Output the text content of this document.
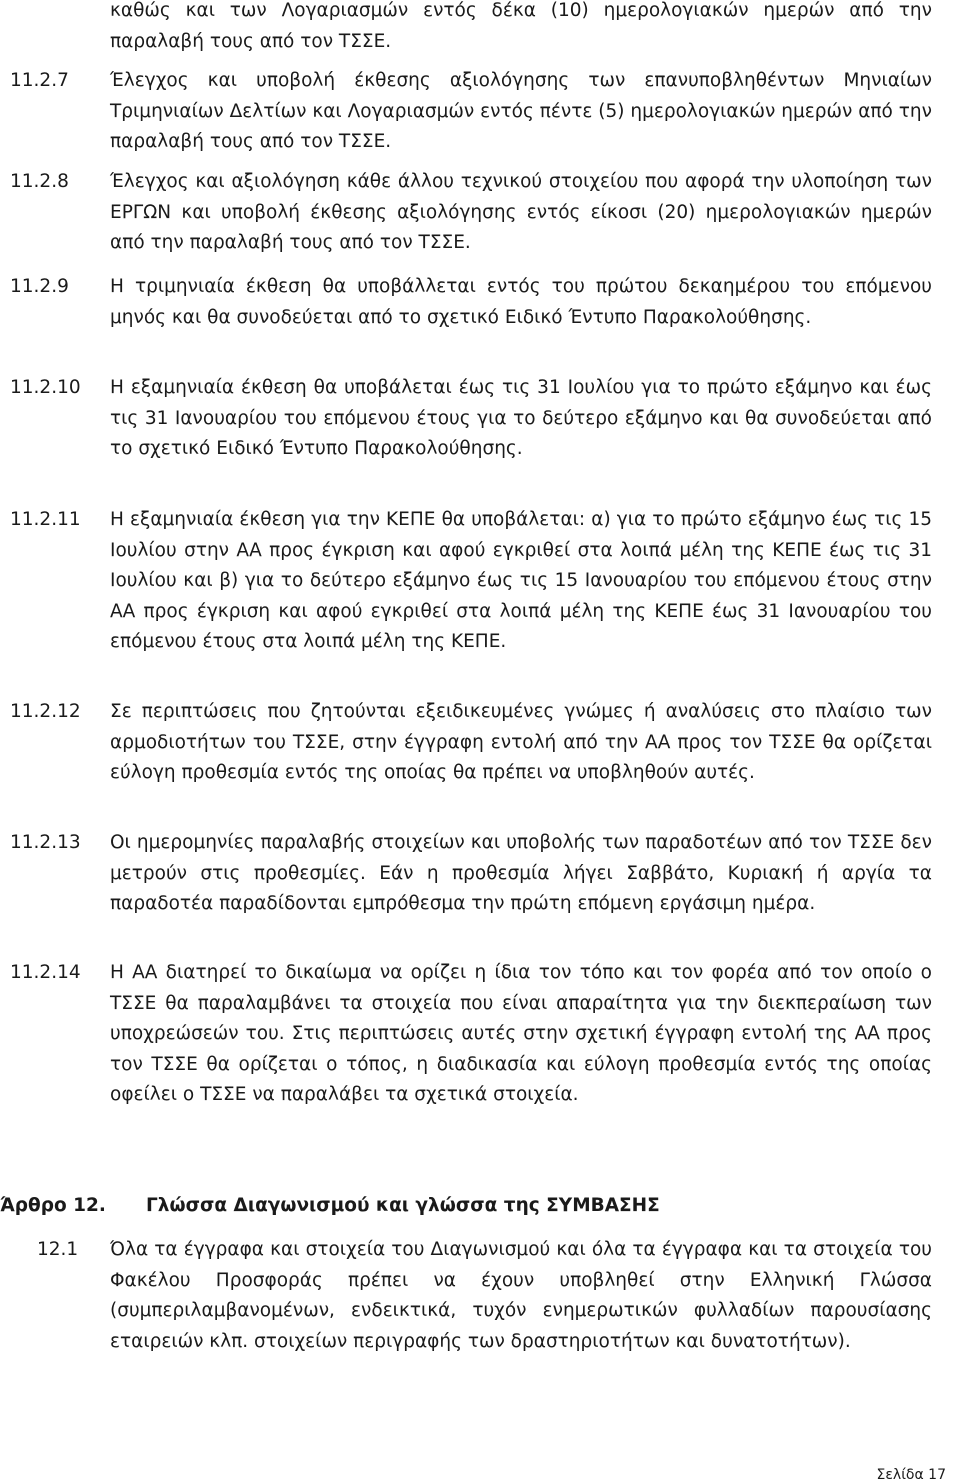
καθώς και των Λογαριασμών εντός δέκα (10) ημερολογιακών ημερών από την παραλαβή τους από τον ΤΣΣΕ.
11.2.7 Έλεγχος και υποβολή έκθεσης αξιολόγησης των επανυποβληθέντων Μηνιαίων Τριμηνιαίων Δελτίων και Λογαριασμών εντός πέντε (5) ημερολογιακών ημερών από την παραλαβή τους από τον ΤΣΣΕ.
11.2.8 Έλεγχος και αξιολόγηση κάθε άλλου τεχνικού στοιχείου που αφορά την υλοποίηση των ΕΡΓΩΝ και υποβολή έκθεσης αξιολόγησης εντός είκοσι (20) ημερολογιακών ημερών από την παραλαβή τους από τον ΤΣΣΕ.
11.2.9 Η τριμηνιαία έκθεση θα υποβάλλεται εντός του πρώτου δεκαημέρου του επόμενου μηνός και θα συνοδεύεται από το σχετικό Ειδικό Έντυπο Παρακολούθησης.
11.2.10 Η εξαμηνιαία έκθεση θα υποβάλεται έως τις 31 Ιουλίου για το πρώτο εξάμηνο και έως τις 31 Ιανουαρίου του επόμενου έτους για το δεύτερο εξάμηνο και θα συνοδεύεται από το σχετικό Ειδικό Έντυπο Παρακολούθησης.
11.2.11 Η εξαμηνιαία έκθεση για την ΚΕΠΕ θα υποβάλεται: α) για το πρώτο εξάμηνο έως τις 15 Ιουλίου στην ΑΑ προς έγκριση και αφού εγκριθεί στα λοιπά μέλη της ΚΕΠΕ έως τις 31 Ιουλίου και β) για το δεύτερο εξάμηνο έως τις 15 Ιανουαρίου του επόμενου έτους στην ΑΑ προς έγκριση και αφού εγκριθεί στα λοιπά μέλη της ΚΕΠΕ έως 31 Ιανουαρίου του επόμενου έτους στα λοιπά μέλη της ΚΕΠΕ.
11.2.12 Σε περιπτώσεις που ζητούνται εξειδικευμένες γνώμες ή αναλύσεις στο πλαίσιο των αρμοδιοτήτων του ΤΣΣΕ, στην έγγραφη εντολή από την ΑΑ προς τον ΤΣΣΕ θα ορίζεται εύλογη προθεσμία εντός της οποίας θα πρέπει να υποβληθούν αυτές.
11.2.13 Οι ημερομηνίες παραλαβής στοιχείων και υποβολής των παραδοτέων από τον ΤΣΣΕ δεν μετρούν στις προθεσμίες. Εάν η προθεσμία λήγει Σαββάτο, Κυριακή ή αργία τα παραδοτέα παραδίδονται εμπρόθεσμα την πρώτη επόμενη εργάσιμη ημέρα.
11.2.14 Η ΑΑ διατηρεί το δικαίωμα να ορίζει η ίδια τον τόπο και τον φορέα από τον οποίο ο ΤΣΣΕ θα παραλαμβάνει τα στοιχεία που είναι απαραίτητα για την διεκπεραίωση των υποχρεώσεών του. Στις περιπτώσεις αυτές στην σχετική έγγραφη εντολή της ΑΑ προς τον ΤΣΣΕ θα ορίζεται ο τόπος, η διαδικασία και εύλογη προθεσμία εντός της οποίας οφείλει ο ΤΣΣΕ να παραλάβει τα σχετικά στοιχεία.
Άρθρο 12. Γλώσσα Διαγωνισμού και γλώσσα της ΣΥΜΒΑΣΗΣ
12.1 Όλα τα έγγραφα και στοιχεία του Διαγωνισμού και όλα τα έγγραφα και τα στοιχεία του Φακέλου Προσφοράς πρέπει να έχουν υποβληθεί στην Ελληνική Γλώσσα (συμπεριλαμβανομένων, ενδεικτικά, τυχόν ενημερωτικών φυλλαδίων παρουσίασης εταιρειών κλπ. στοιχείων περιγραφής των δραστηριοτήτων και δυνατοτήτων).
Σελίδα 17
